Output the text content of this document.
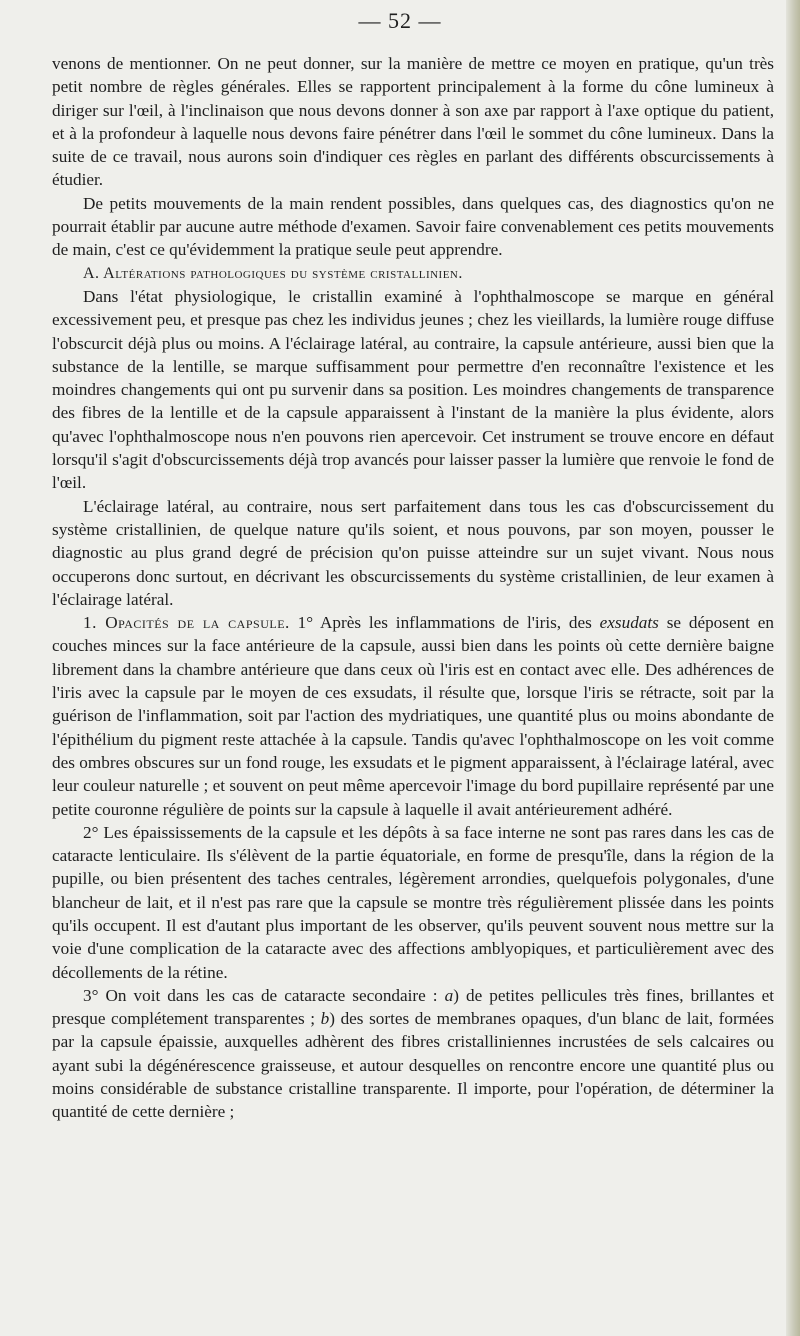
— 52 —

venons de mentionner. On ne peut donner, sur la manière de mettre ce moyen en pratique, qu'un très petit nombre de règles générales. Elles se rapportent principalement à la forme du cône lumineux à diriger sur l'œil, à l'inclinaison que nous devons donner à son axe par rapport à l'axe optique du patient, et à la profondeur à laquelle nous devons faire pénétrer dans l'œil le sommet du cône lumineux. Dans la suite de ce travail, nous aurons soin d'indiquer ces règles en parlant des différents obscurcissements à étudier.

De petits mouvements de la main rendent possibles, dans quelques cas, des diagnostics qu'on ne pourrait établir par aucune autre méthode d'examen. Savoir faire convenablement ces petits mouvements de main, c'est ce qu'évidemment la pratique seule peut apprendre.

A. Altérations pathologiques du système cristallinien.

Dans l'état physiologique, le cristallin examiné à l'ophthalmoscope se marque en général excessivement peu, et presque pas chez les individus jeunes ; chez les vieillards, la lumière rouge diffuse l'obscurcit déjà plus ou moins. A l'éclairage latéral, au contraire, la capsule antérieure, aussi bien que la substance de la lentille, se marque suffisamment pour permettre d'en reconnaître l'existence et les moindres changements qui ont pu survenir dans sa position. Les moindres changements de transparence des fibres de la lentille et de la capsule apparaissent à l'instant de la manière la plus évidente, alors qu'avec l'ophthalmoscope nous n'en pouvons rien apercevoir. Cet instrument se trouve encore en défaut lorsqu'il s'agit d'obscurcissements déjà trop avancés pour laisser passer la lumière que renvoie le fond de l'œil.

L'éclairage latéral, au contraire, nous sert parfaitement dans tous les cas d'obscurcissement du système cristallinien, de quelque nature qu'ils soient, et nous pouvons, par son moyen, pousser le diagnostic au plus grand degré de précision qu'on puisse atteindre sur un sujet vivant. Nous nous occuperons donc surtout, en décrivant les obscurcissements du système cristallinien, de leur examen à l'éclairage latéral.

1. Opacités de la capsule. 1° Après les inflammations de l'iris, des exsudats se déposent en couches minces sur la face antérieure de la capsule, aussi bien dans les points où cette dernière baigne librement dans la chambre antérieure que dans ceux où l'iris est en contact avec elle. Des adhérences de l'iris avec la capsule par le moyen de ces exsudats, il résulte que, lorsque l'iris se rétracte, soit par la guérison de l'inflammation, soit par l'action des mydriatiques, une quantité plus ou moins abondante de l'épithélium du pigment reste attachée à la capsule. Tandis qu'avec l'ophthalmoscope on les voit comme des ombres obscures sur un fond rouge, les exsudats et le pigment apparaissent, à l'éclairage latéral, avec leur couleur naturelle ; et souvent on peut même apercevoir l'image du bord pupillaire représenté par une petite couronne régulière de points sur la capsule à laquelle il avait antérieurement adhéré.

2° Les épaississements de la capsule et les dépôts à sa face interne ne sont pas rares dans les cas de cataracte lenticulaire. Ils s'élèvent de la partie équatoriale, en forme de presqu'île, dans la région de la pupille, ou bien présentent des taches centrales, légèrement arrondies, quelquefois polygonales, d'une blancheur de lait, et il n'est pas rare que la capsule se montre très régulièrement plissée dans les points qu'ils occupent. Il est d'autant plus important de les observer, qu'ils peuvent souvent nous mettre sur la voie d'une complication de la cataracte avec des affections amblyopiques, et particulièrement avec des décollements de la rétine.

3° On voit dans les cas de cataracte secondaire : a) de petites pellicules très fines, brillantes et presque complétement transparentes ; b) des sortes de membranes opaques, d'un blanc de lait, formées par la capsule épaissie, auxquelles adhèrent des fibres cristalliniennes incrustées de sels calcaires ou ayant subi la dégénérescence graisseuse, et autour desquelles on rencontre encore une quantité plus ou moins considérable de substance cristalline transparente. Il importe, pour l'opération, de déterminer la quantité de cette dernière ;
